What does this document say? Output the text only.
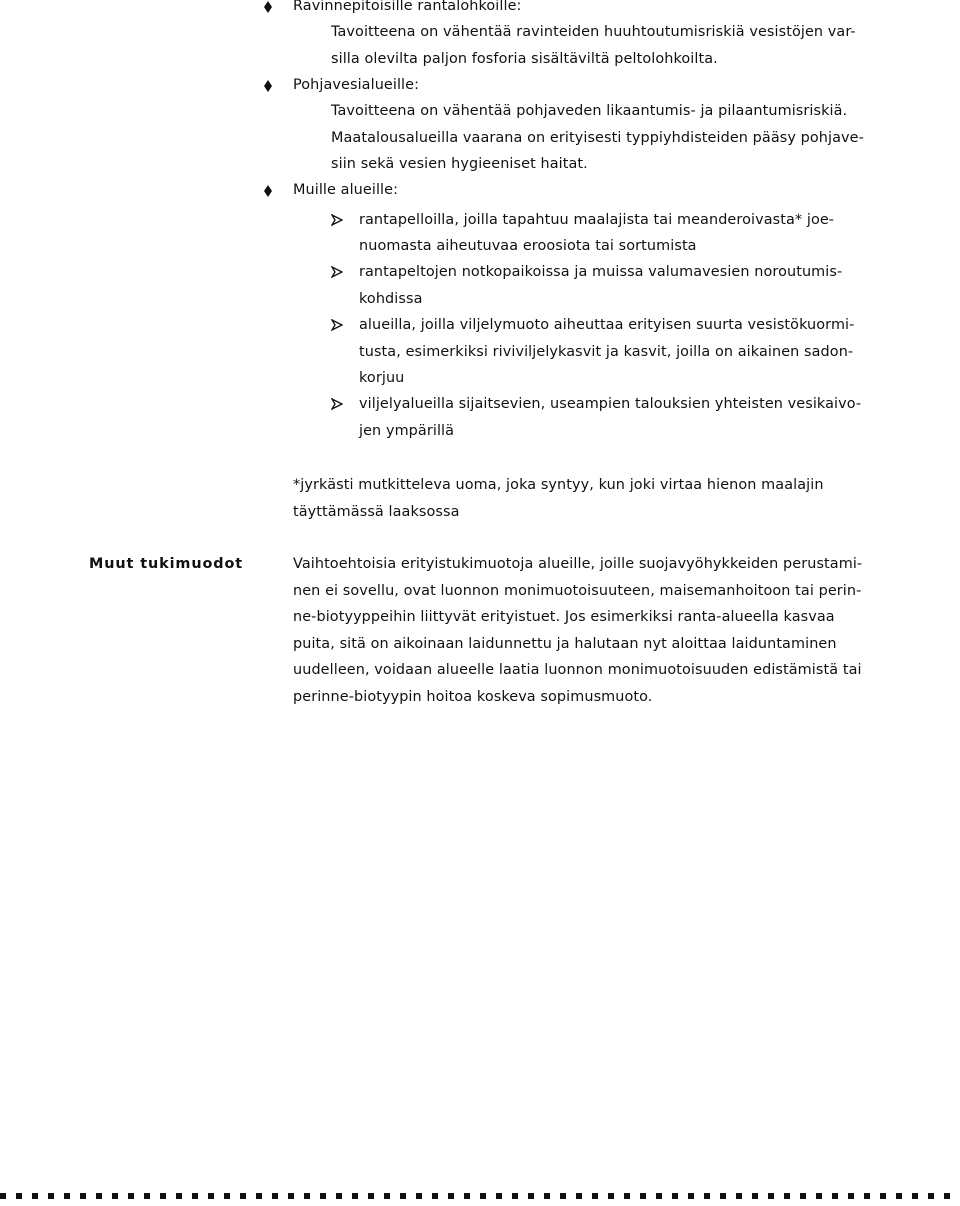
Ravinnepitoisille rantalohkoille:
Tavoitteena on vähentää ravinteiden huuhtoutumisriskiä vesistöjen var-
silla olevilta paljon fosforia sisältäviltä peltolohkoilta.
Pohjavesialueille:
Tavoitteena on vähentää pohjaveden likaantumis- ja pilaantumisriskiä.
Maatalousalueilla vaarana on erityisesti typpiyhdisteiden pääsy pohjave-
siin sekä vesien hygieeniset haitat.
Muille alueille:
rantapelloilla, joilla tapahtuu maalajista tai meanderoivasta* joe-
nuomasta aiheutuvaa eroosiota tai sortumista
rantapeltojen notkopaikoissa ja muissa valumavesien noroutumis-
kohdissa
alueilla, joilla viljelymuoto aiheuttaa erityisen suurta vesistökuormi-
tusta, esimerkiksi riviviljelykasvit ja kasvit, joilla on aikainen sadon-
korjuu
viljelyalueilla sijaitsevien, useampien talouksien yhteisten vesikaivo-
jen ympärillä
*jyrkästi mutkitteleva uoma, joka syntyy, kun joki virtaa hienon maalajin
täyttämässä laaksossa
Muut tukimuodot	Vaihtoehtoisia erityistukimuotoja alueille, joille suojavyöhykkeiden perustami-
nen ei sovellu, ovat luonnon monimuotoisuuteen, maisemanhoitoon tai perin-
ne-biotyyppeihin liittyvät erityistuet. Jos esimerkiksi ranta-alueella kasvaa
puita, sitä on aikoinaan laidunnettu ja halutaan nyt aloittaa laiduntaminen
uudelleen, voidaan alueelle laatia luonnon monimuotoisuuden edistämistä tai
perinne-biotyypin hoitoa koskeva sopimusmuoto.
